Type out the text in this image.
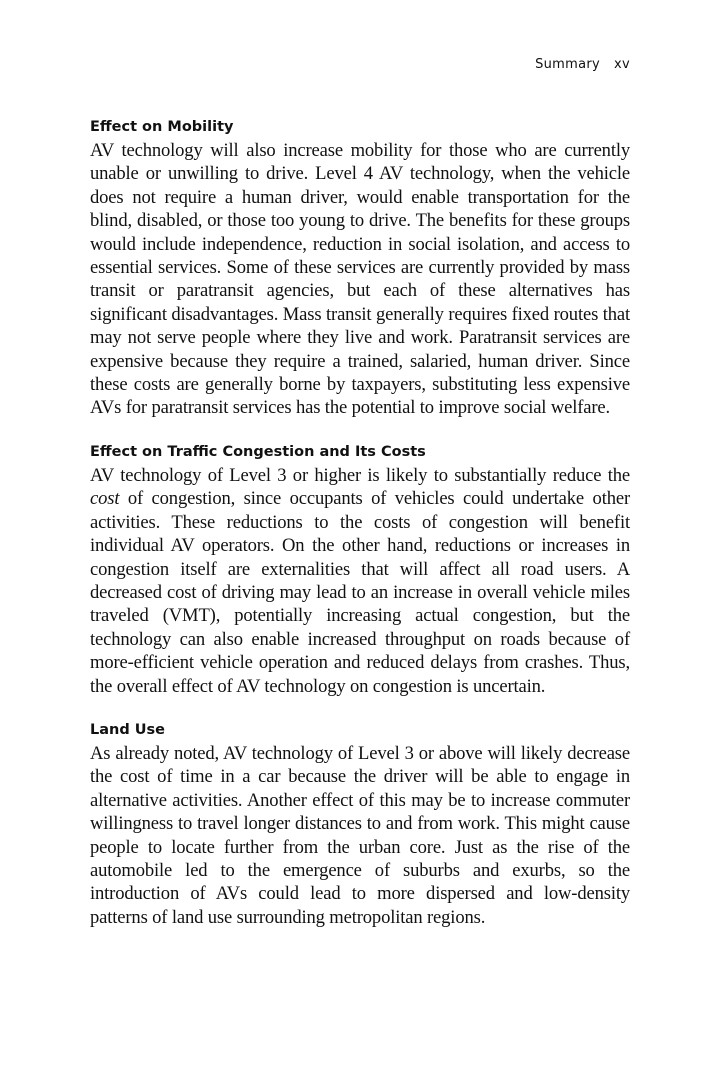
Summary xv
Effect on Mobility

AV technology will also increase mobility for those who are currently unable or unwilling to drive. Level 4 AV technology, when the vehicle does not require a human driver, would enable transportation for the blind, disabled, or those too young to drive. The benefits for these groups would include independence, reduction in social isolation, and access to essential services. Some of these services are currently provided by mass transit or paratransit agencies, but each of these alternatives has significant disadvantages. Mass transit generally requires fixed routes that may not serve people where they live and work. Paratransit services are expensive because they require a trained, salaried, human driver. Since these costs are generally borne by taxpayers, substituting less expensive AVs for paratransit services has the potential to improve social welfare.

Effect on Traffic Congestion and Its Costs

AV technology of Level 3 or higher is likely to substantially reduce the cost of congestion, since occupants of vehicles could undertake other activities. These reductions to the costs of congestion will benefit individual AV operators. On the other hand, reductions or increases in congestion itself are externalities that will affect all road users. A decreased cost of driving may lead to an increase in overall vehicle miles traveled (VMT), potentially increasing actual congestion, but the technology can also enable increased throughput on roads because of more-efficient vehicle operation and reduced delays from crashes. Thus, the overall effect of AV technology on congestion is uncertain.

Land Use

As already noted, AV technology of Level 3 or above will likely decrease the cost of time in a car because the driver will be able to engage in alternative activities. Another effect of this may be to increase commuter willingness to travel longer distances to and from work. This might cause people to locate further from the urban core. Just as the rise of the automobile led to the emergence of suburbs and exurbs, so the introduction of AVs could lead to more dispersed and low-density patterns of land use surrounding metropolitan regions.
